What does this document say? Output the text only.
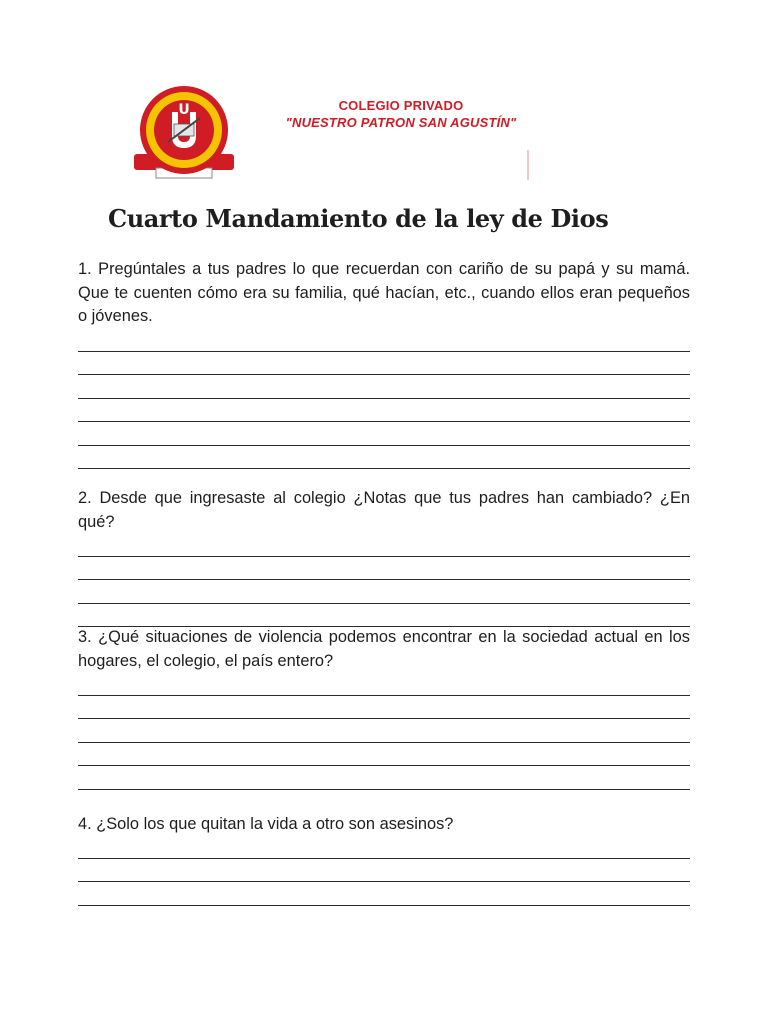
U	COLEGIO PRIVADO
"NUESTRO PATRON SAN AGUSTÍN"
Cuarto Mandamiento de la ley de Dios
1. Pregúntales a tus padres lo que recuerdan con cariño de su papá y su mamá. Que te cuenten cómo era su familia, qué hacían, etc., cuando ellos eran pequeños o jóvenes.
2. Desde que ingresaste al colegio ¿Notas que tus padres han cambiado? ¿En qué?
3. ¿Qué situaciones de violencia podemos encontrar en la sociedad actual en los hogares, el colegio, el país entero?
4. ¿Solo los que quitan la vida a otro son asesinos?
